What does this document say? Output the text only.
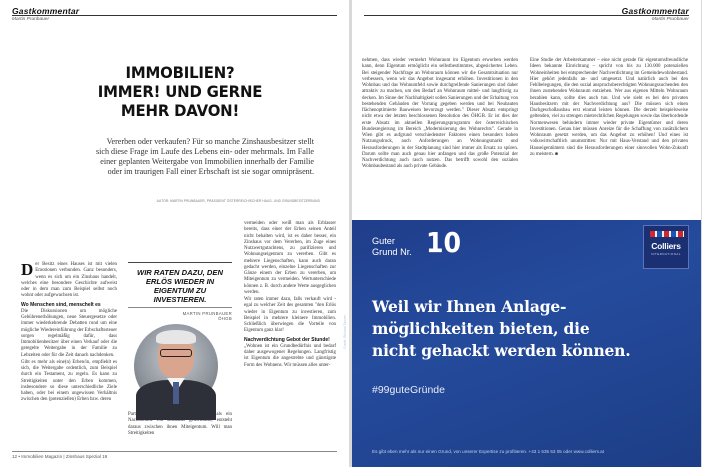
Gastkommentar
Martin Prunbauer
IMMOBILIEN?
IMMER! UND GERNE
MEHR DAVON!
Vererben oder verkaufen? Für so manche Zinshausbesitzer stellt sich diese Frage im Laufe des Lebens ein- oder mehrmals. Im Falle einer geplanten Weitergabe von Immobilien innerhalb der Familie oder im traurigen Fall einer Erbschaft ist sie sogar omnipräsent.
AUTOR: MARTIN PRUNBAUER, PRÄSIDENT ÖSTERREICHISCHER HAUS- UND GRUNDBESITZERBUND

Der Besitz eines Hauses ist mit vielen Emotionen verbunden. Ganz besonders, wenn es sich um ein Zinshaus handelt, welches eine besondere Geschichte aufweist oder in dem man zum Beispiel selbst noch wohnt oder aufgewachsen ist.

Wo Menschen sind, menschelt es

Die Diskussionen um mögliche Gebührenerhöhungen, neue Steuergesetze oder immer wiederkehrende Debatten rund um eine mögliche Wiedereinführung der Erbschaftssteuer sorgen regelmäßig dafür, dass Immobilienbesitzer über einen Verkauf oder die geregelte Weitergabe in der Familie zu Lebzeiten oder für die Zeit danach nachdenken.

Gibt es mehr als eine(n) Erben/in, empfiehlt es sich, die Weitergabe ordentlich, zum Beispiel durch ein Testament, zu regeln. Es kann zu Streitigkeiten unter den Erben kommen, insbesondere so diese unterschiedliche Ziele haben, oder bei einem ungewissen Verhältnis zwischen den (potenziellen) Erben bzw. deren

WIR RATEN DAZU, DEN ERLÖS WIEDER IN EIGENTUM ZU INVESTIEREN.
MARTIN PRUNBAUER
ÖHGB

Partner. Erben zum Beispiel mehrere als ein Nachkomme ein Zinshaus gemeinsam, entsteht daraus zwischen ihnen Miteigentum. Will man Streitigkeiten

vermeiden oder weiß man als Erblasser bereits, dass einer der Erben seinen Anteil nicht behalten wird, ist es daher besser, ein Zinshaus vor dem Vererben, im Zuge eines Nutzwertgutachtens, zu parifizieren und Wohnungseigentum zu vererben. Gibt es mehrere Liegenschaften, kann auch daran gedacht werden, einzelne Liegenschaften zur Gänze einem der Erben zu vererben, um Miteigentum zu vermeiden. Wertunterschiede können z. B. durch andere Werte ausgeglichen werden.

Wir raten immer dazu, falls verkauft wird - egal zu welcher Zeit des gesamten "den Erlös wieder in Eigentum zu investieren, zum Beispiel in mehrere kleinere Immobilien. Schließlich überwiegen die Vorteile von Eigentum ganz klar!

Nachverdichtung Gebot der Stunde!

„Wohnen ist ein Grundbedürfnis und bedarf daher ausgewogener Regelungen. Langfristig ist Eigentum die angestrebte und günstigste Form des Wohnens. Wir müssen alles unter-

12 • Immobilien Magazin | Zinshaus Spezial 19
Gastkommentar
Martin Prunbauer

nehmen, dass wieder vermehrt Wohnraum im Eigentum erworben werden kann, denn Eigentum ermöglicht ein selbstbestimmtes, abgesichertes Leben. Bei steigender Nachfrage an Wohnraum können wir die Gesamtsituation nur verbessern, wenn wir das Angebot insgesamt erhöhen. Investitionen in den Wohnbau und das Wohnumfeld sowie durchgreifende Sanierungen sind daher attraktiv zu machen, um den Bedarf an Wohnraum mittel- und langfristig zu decken. Im Sinne der Nachhaltigkeit sollen Sanierungen und der Erhaltung von bestehenden Gebäuden der Vorrang gegeben werden und bei Neubauten flächenoptimierte Bauweisen bevorzugt werden." Dieser Absatz entspringt nicht etwa der letzten beschlossenen Resolution des ÖHGB. Er ist dies der erste Absatz im aktuellen Regierungsprogramm der österreichischen Bundesregierung im Bereich „Modernisierung des Wohnrechts". Gerade in Wien gibt es aufgrund verschiedenster Faktoren einen besonders hohen Nutzungsdruck, auch Anforderungen an Wohnungsmarkt und Herausforderungen in der Stadtplanung sind hier immer als Ersatz zu spüren. Darum sollte man auch genau hier anfangen und das große Potenzial der Nachverdichtung auch rasch nutzen. Das betrifft sowohl den sozialen Wohnbaubestand als auch private Gebäude.

Eine Studie der Arbeiterkammer – eine nicht gerade für eigentumsfreundliche Ideen bekannte Einrichtung – spricht von bis zu 130.000 potenziellen Wohneinheiten bei entsprechender Nachverdichtung im Gemeindewohnbestand. Hier gehört jedenfalls an- und umgesetzt. Und natürlich auch bei den Fehlbelegungen, die den sozial anspruchsberechtigten Wohnungssuchenden den ihnen zustehenden Wohnraum entziehen. Wer aus eigenen Mitteln Wohnraum bezahlen kann, sollte dies auch tun. Und wie sieht es bei den privaten Hausbesitzern mit der Nachverdichtung aus? Die müssen sich einen Dachgeschoßausbau erst einmal leisten können. Die derzeit beispielsweise geltenden, viel zu strengen mietrechtlichen Regelungen sowie das überbordende Normenwesen behindern immer wieder private Eigentümer und deren Investitionen. Genau hier müssen Anreize für die Schaffung von zusätzlichem Wohnraum gesetzt werden, um das Angebot zu erhöhen! Und eines ist volkswirtschaftlich unumstritten: Nur mit Haus-Verstand und den privaten Hauseigentümern sind die Herausforderungen einer sinnvollen Wohn-Zukunft zu meistern. ■

Credit: Richard Tanzer
Guter
Grund Nr. 10	Colliers
INTERNATIONAL
Weil wir Ihnen Anlage-
möglichkeiten bieten, die
nicht gehackt werden können.
#99guteGründe
Es gibt eben mehr als nur einen Grund, von unserer Expertise zu profitieren. +43 1 535 53 05 oder www.colliers.at
